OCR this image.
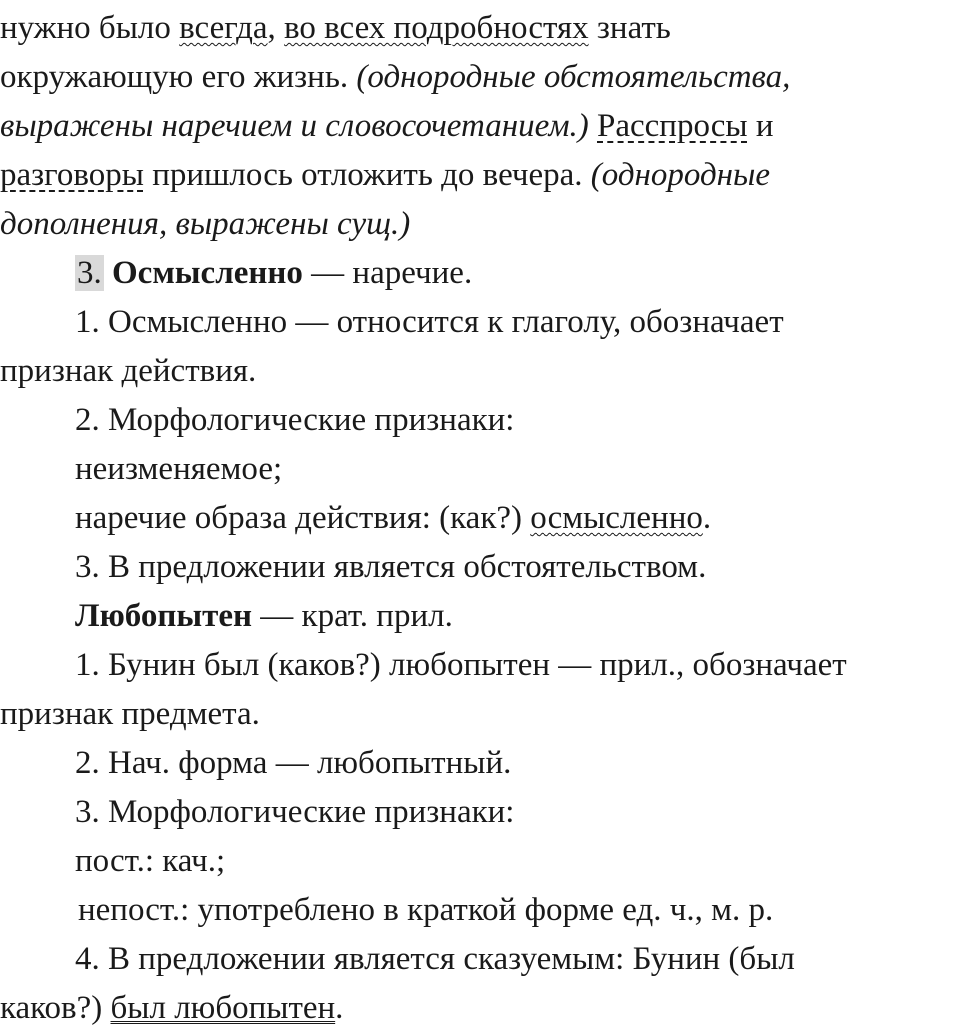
нужно было всегда, во всех подробностях знать
окружающую его жизнь. (однородные обстоятельства,
выражены наречием и словосочетанием.) Расспросы и
разговоры пришлось отложить до вечера. (однородные
дополнения, выражены сущ.)
3. Осмысленно — наречие.
1. Осмысленно — относится к глаголу, обозначает
признак действия.
2. Морфологические признаки:
неизменяемое;
наречие образа действия: (как?) осмысленно.
3. В предложении является обстоятельством.
Любопытен — крат. прил.
1. Бунин был (каков?) любопытен — прил., обозначает
признак предмета.
2. Нач. форма — любопытный.
3. Морфологические признаки:
пост.: кач.;
непост.: употреблено в краткой форме ед. ч., м. р.
4. В предложении является сказуемым: Бунин (был
каков?) был любопытен.
